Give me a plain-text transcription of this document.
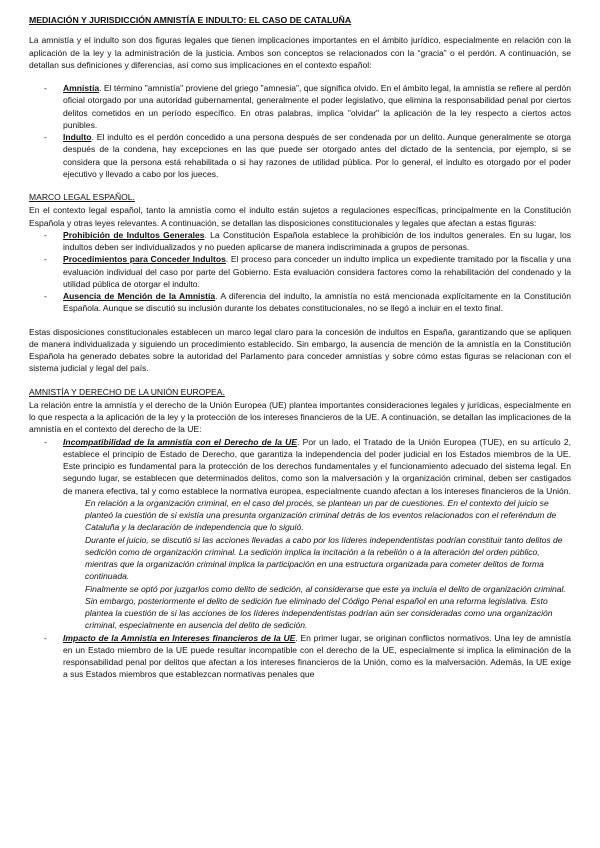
MEDIACIÓN Y JURISDICCIÓN AMNISTÍA E INDULTO: EL CASO DE CATALUÑA

La amnistía y el indulto son dos figuras legales que tienen implicaciones importantes en el ámbito jurídico, especialmente en relación con la aplicación de la ley y la administración de la justicia. Ambos son conceptos se relacionados con la “gracia” o el perdón. A continuación, se detallan sus definiciones y diferencias, así como sus implicaciones en el contexto español:

- Amnistía. El término "amnistía" proviene del griego "amnesia", que significa olvido. En el ámbito legal, la amnistía se refiere al perdón oficial otorgado por una autoridad gubernamental, generalmente el poder legislativo, que elimina la responsabilidad penal por ciertos delitos cometidos en un período específico. En otras palabras, implica "olvidar" la aplicación de la ley respecto a ciertos actos punibles.
- Indulto. El indulto es el perdón concedido a una persona después de ser condenada por un delito. Aunque generalmente se otorga después de la condena, hay excepciones en las que puede ser otorgado antes del dictado de la sentencia, por ejemplo, si se considera que la persona está rehabilitada o si hay razones de utilidad pública. Por lo general, el indulto es otorgado por el poder ejecutivo y llevado a cabo por los jueces.
MARCO LEGAL ESPAÑOL.

En el contexto legal español, tanto la amnistía como el indulto están sujetos a regulaciones específicas, principalmente en la Constitución Española y otras leyes relevantes. A continuación, se detallan las disposiciones constitucionales y legales que afectan a estas figuras:

- Prohibición de Indultos Generales. La Constitución Española establece la prohibición de los indultos generales. En su lugar, los indultos deben ser individualizados y no pueden aplicarse de manera indiscriminada a grupos de personas.
- Procedimientos para Conceder Indultos. El proceso para conceder un indulto implica un expediente tramitado por la fiscalía y una evaluación individual del caso por parte del Gobierno. Esta evaluación considera factores como la rehabilitación del condenado y la utilidad pública de otorgar el indulto.
- Ausencia de Mención de la Amnistía. A diferencia del indulto, la amnistía no está mencionada explícitamente en la Constitución Española. Aunque se discutió su inclusión durante los debates constitucionales, no se llegó a incluir en el texto final.

Estas disposiciones constitucionales establecen un marco legal claro para la concesión de indultos en España, garantizando que se apliquen de manera individualizada y siguiendo un procedimiento establecido. Sin embargo, la ausencia de mención de la amnistía en la Constitución Española ha generado debates sobre la autoridad del Parlamento para conceder amnistías y sobre cómo estas figuras se relacionan con el sistema judicial y legal del país.

AMNISTÍA Y DERECHO DE LA UNIÓN EUROPEA.

La relación entre la amnistía y el derecho de la Unión Europea (UE) plantea importantes consideraciones legales y jurídicas, especialmente en lo que respecta a la aplicación de la ley y la protección de los intereses financieros de la UE. A continuación, se detallan las implicaciones de la amnistía en el contexto del derecho de la UE:

- Incompatibilidad de la amnistía con el Derecho de la UE. Por un lado, el Tratado de la Unión Europea (TUE), en su artículo 2, establece el principio de Estado de Derecho, que garantiza la independencia del poder judicial en los Estados miembros de la UE. Este principio es fundamental para la protección de los derechos fundamentales y el funcionamiento adecuado del sistema legal. En segundo lugar, se establecen que determinados delitos, como son la malversación y la organización criminal, deben ser castigados de manera efectiva, tal y como establece la normativa europea, especialmente cuando afectan a los intereses financieros de la Unión.
En relación a la organización criminal, en el caso del procés, se plantean un par de cuestiones. En el contexto del juicio se planteó la cuestión de si existía una presunta organización criminal detrás de los eventos relacionados con el referéndum de Cataluña y la declaración de independencia que lo siguió.
Durante el juicio, se discutió si las acciones llevadas a cabo por los líderes independentistas podrían constituir tanto delitos de sedición como de organización criminal. La sedición implica la incitación a la rebelión o a la alteración del orden público, mientras que la organización criminal implica la participación en una estructura organizada para cometer delitos de forma continuada.
Finalmente se optó por juzgarlos como delito de sedición, al considerarse que este ya incluía el delito de organización criminal.
Sin embargo, posteriormente el delito de sedición fue eliminado del Código Penal español en una reforma legislativa. Esto plantea la cuestión de si las acciones de los líderes independentistas podrían aún ser consideradas como una organización criminal, especialmente en ausencia del delito de sedición.
- Impacto de la Amnistía en Intereses financieros de la UE. En primer lugar, se originan conflictos normativos. Una ley de amnistía en un Estado miembro de la UE puede resultar incompatible con el derecho de la UE, especialmente si implica la eliminación de la responsabilidad penal por delitos que afectan a los intereses financieros de la Unión, como es la malversación. Además, la UE exige a sus Estados miembros que establezcan normativas penales que
